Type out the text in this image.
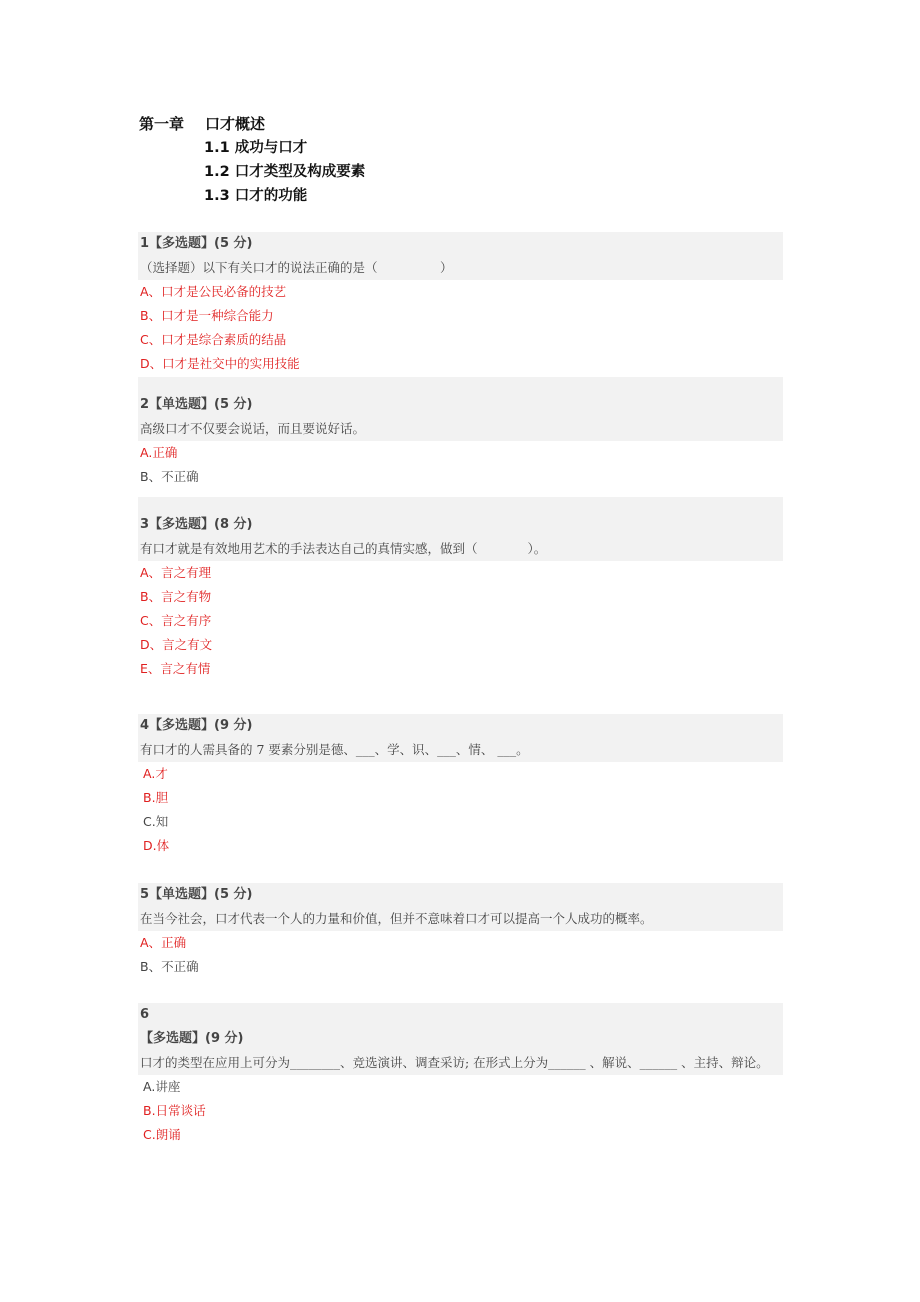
第一章 口才概述
1.1 成功与口才
1.2 口才类型及构成要素
1.3 口才的功能
1【多选题】(5 分)
（选择题）以下有关口才的说法正确的是（　　　　　）
A、口才是公民必备的技艺
B、口才是一种综合能力
C、口才是综合素质的结晶
D、口才是社交中的实用技能
2【单选题】(5 分)
高级口才不仅要会说话，而且要说好话。
A.正确
B、不正确
3【多选题】(8 分)
有口才就是有效地用艺术的手法表达自己的真情实感，做到（　　　　）。
A、言之有理
B、言之有物
C、言之有序
D、言之有文
E、言之有情
4【多选题】(9 分)
有口才的人需具备的 7 要素分别是德、___、学、识、___、情、 ___。
A.才
B.胆
C.知
D.体
5【单选题】(5 分)
在当今社会，口才代表一个人的力量和价值，但并不意味着口才可以提高一个人成功的概率。
A、正确
B、不正确
6
【多选题】(9 分)
口才的类型在应用上可分为________、竞选演讲、调查采访; 在形式上分为______ 、解说、______ 、主持、辩论。
A.讲座
B.日常谈话
C.朗诵
